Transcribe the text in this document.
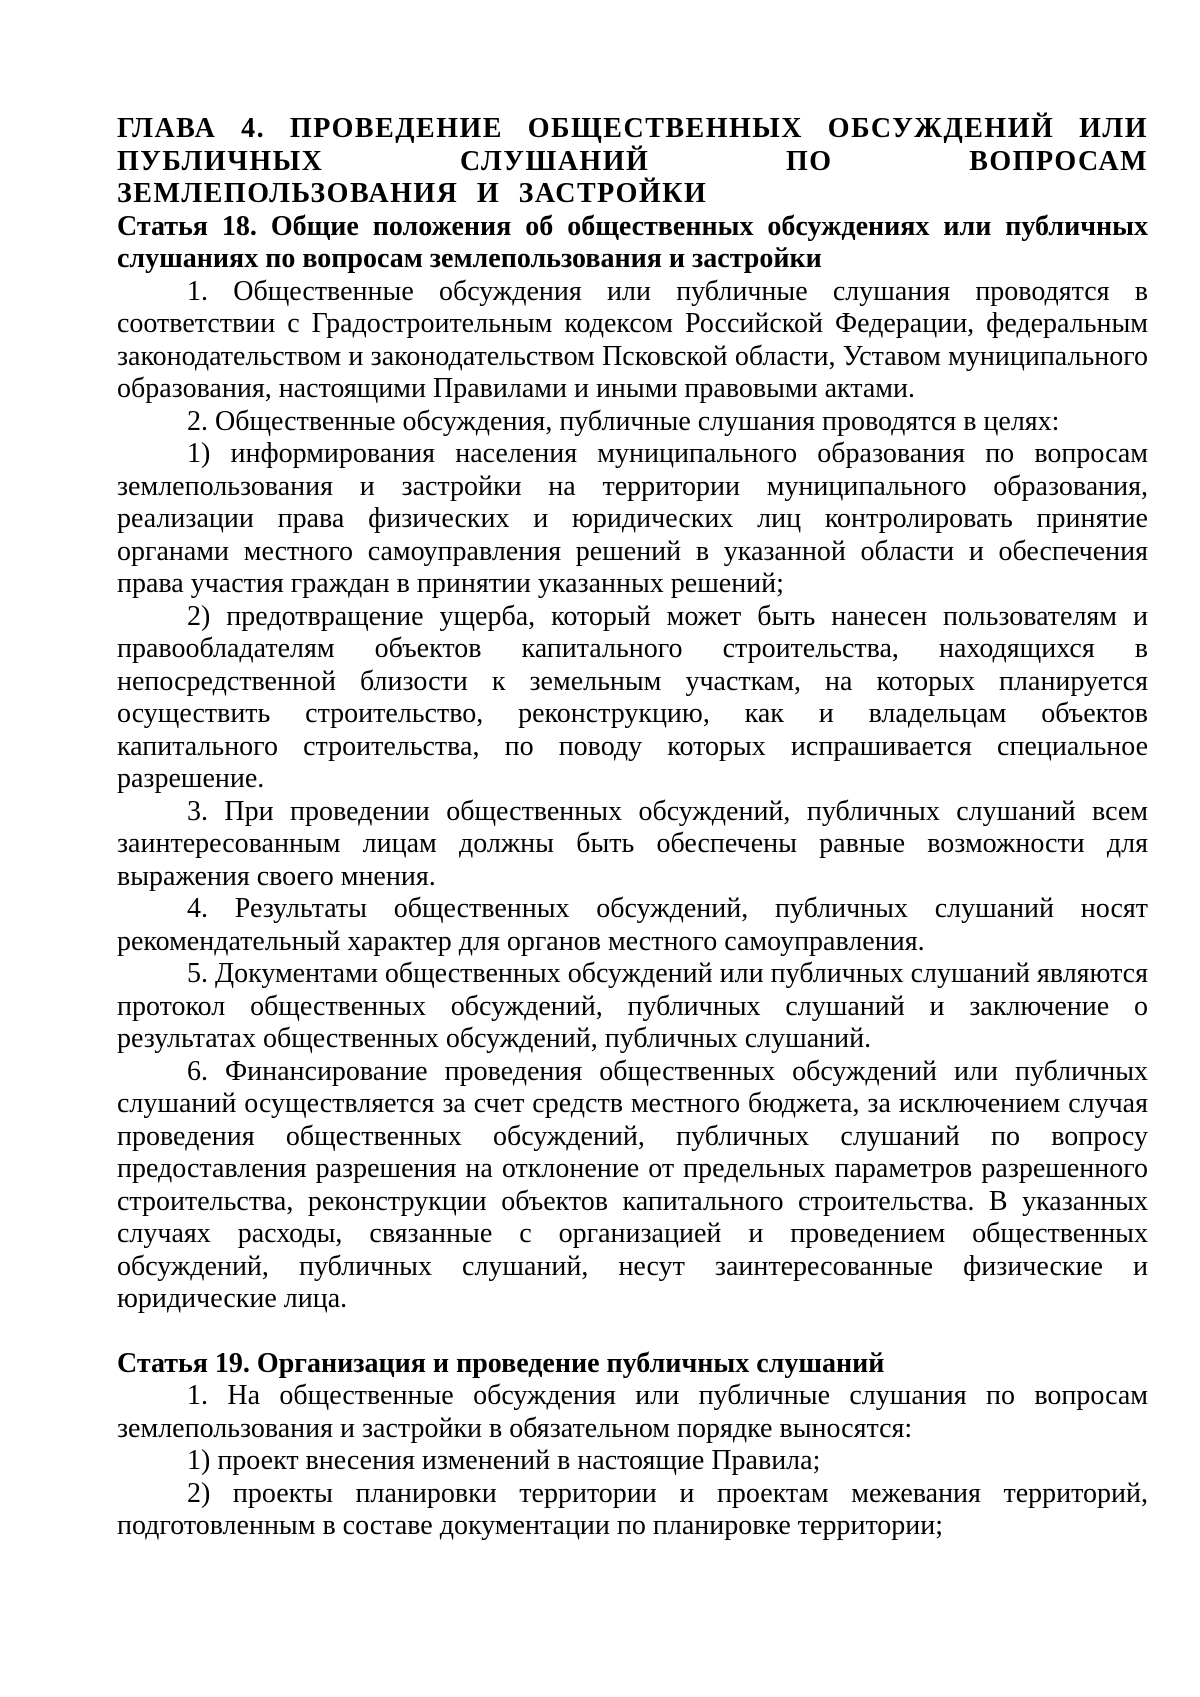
ГЛАВА 4. ПРОВЕДЕНИЕ ОБЩЕСТВЕННЫХ ОБСУЖДЕНИЙ ИЛИ ПУБЛИЧНЫХ СЛУШАНИЙ ПО ВОПРОСАМ ЗЕМЛЕПОЛЬЗОВАНИЯ И ЗАСТРОЙКИ

Статья 18. Общие положения об общественных обсуждениях или публичных слушаниях по вопросам землепользования и застройки

1. Общественные обсуждения или публичные слушания проводятся в соответствии с Градостроительным кодексом Российской Федерации, федеральным законодательством и законодательством Псковской области, Уставом муниципального образования, настоящими Правилами и иными правовыми актами.

2. Общественные обсуждения, публичные слушания проводятся в целях:

1) информирования населения муниципального образования по вопросам землепользования и застройки на территории муниципального образования, реализации права физических и юридических лиц контролировать принятие органами местного самоуправления решений в указанной области и обеспечения права участия граждан в принятии указанных решений;

2) предотвращение ущерба, который может быть нанесен пользователям и правообладателям объектов капитального строительства, находящихся в непосредственной близости к земельным участкам, на которых планируется осуществить строительство, реконструкцию, как и владельцам объектов капитального строительства, по поводу которых испрашивается специальное разрешение.

3. При проведении общественных обсуждений, публичных слушаний всем заинтересованным лицам должны быть обеспечены равные возможности для выражения своего мнения.

4. Результаты общественных обсуждений, публичных слушаний носят рекомендательный характер для органов местного самоуправления.

5. Документами общественных обсуждений или публичных слушаний являются протокол общественных обсуждений, публичных слушаний и заключение о результатах общественных обсуждений, публичных слушаний.

6. Финансирование проведения общественных обсуждений или публичных слушаний осуществляется за счет средств местного бюджета, за исключением случая проведения общественных обсуждений, публичных слушаний по вопросу предоставления разрешения на отклонение от предельных параметров разрешенного строительства, реконструкции объектов капитального строительства. В указанных случаях расходы, связанные с организацией и проведением общественных обсуждений, публичных слушаний, несут заинтересованные физические и юридические лица.

Статья 19. Организация и проведение публичных слушаний

1. На общественные обсуждения или публичные слушания по вопросам землепользования и застройки в обязательном порядке выносятся:

1) проект внесения изменений в настоящие Правила;

2) проекты планировки территории и проектам межевания территорий, подготовленным в составе документации по планировке территории;
